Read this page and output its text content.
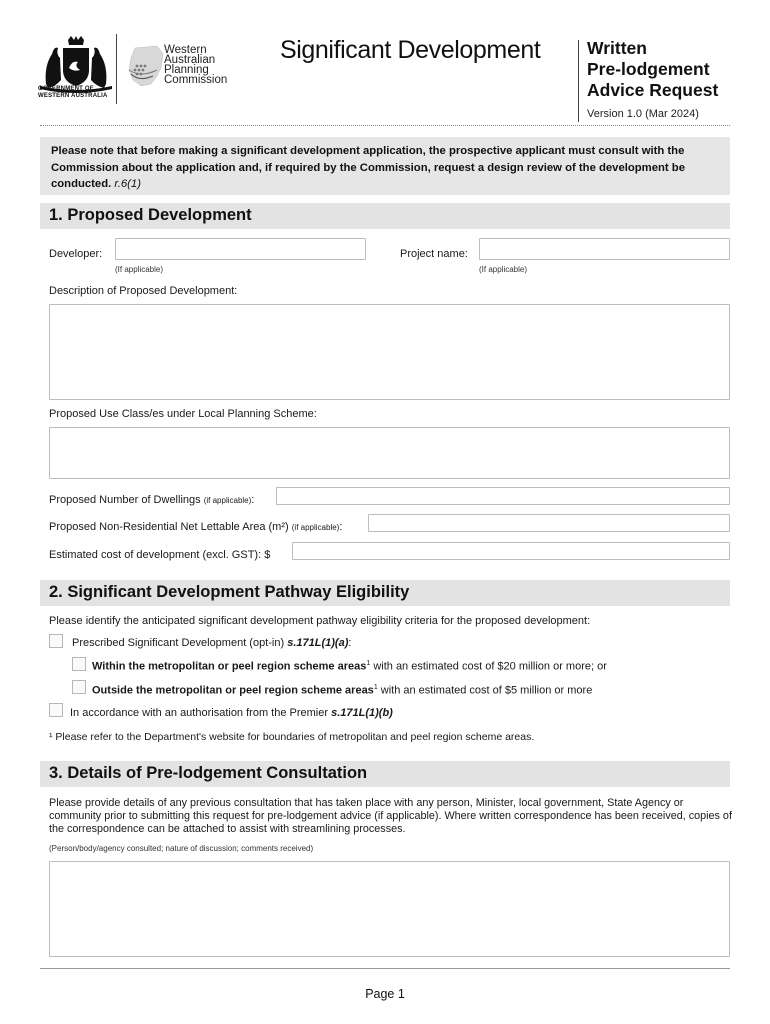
GOVERNMENT OF
WESTERN AUSTRALIA
Western
Australian
Planning
Commission
Significant Development	Written
Pre-lodgement
Advice Request
Version 1.0 (Mar 2024)
Please note that before making a significant development application, the prospective applicant must consult with the Commission about the application and, if required by the Commission, request a design review of the development be conducted. r.6(1)
1. Proposed Development
Developer:
(If applicable)
Project name:
(If applicable)
Description of Proposed Development:
Proposed Use Class/es under Local Planning Scheme:
Proposed Number of Dwellings (if applicable):
Proposed Non-Residential Net Lettable Area (m²) (if applicable):
Estimated cost of development (excl. GST): $
2. Significant Development Pathway Eligibility
Please identify the anticipated significant development pathway eligibility criteria for the proposed development:
Prescribed Significant Development (opt-in) s.171L(1)(a):
Within the metropolitan or peel region scheme areas$^1$ with an estimated cost of $20 million or more; or
Outside the metropolitan or peel region scheme areas$^1$ with an estimated cost of $5 million or more
In accordance with an authorisation from the Premier s.171L(1)(b)
¹ Please refer to the Department's website for boundaries of metropolitan and peel region scheme areas.
3. Details of Pre-lodgement Consultation
Please provide details of any previous consultation that has taken place with any person, Minister, local government, State Agency or community prior to submitting this request for pre-lodgement advice (if applicable). Where written correspondence has been received, copies of the correspondence can be attached to assist with streamlining processes.
(Person/body/agency consulted; nature of discussion; comments received)
Page 1
